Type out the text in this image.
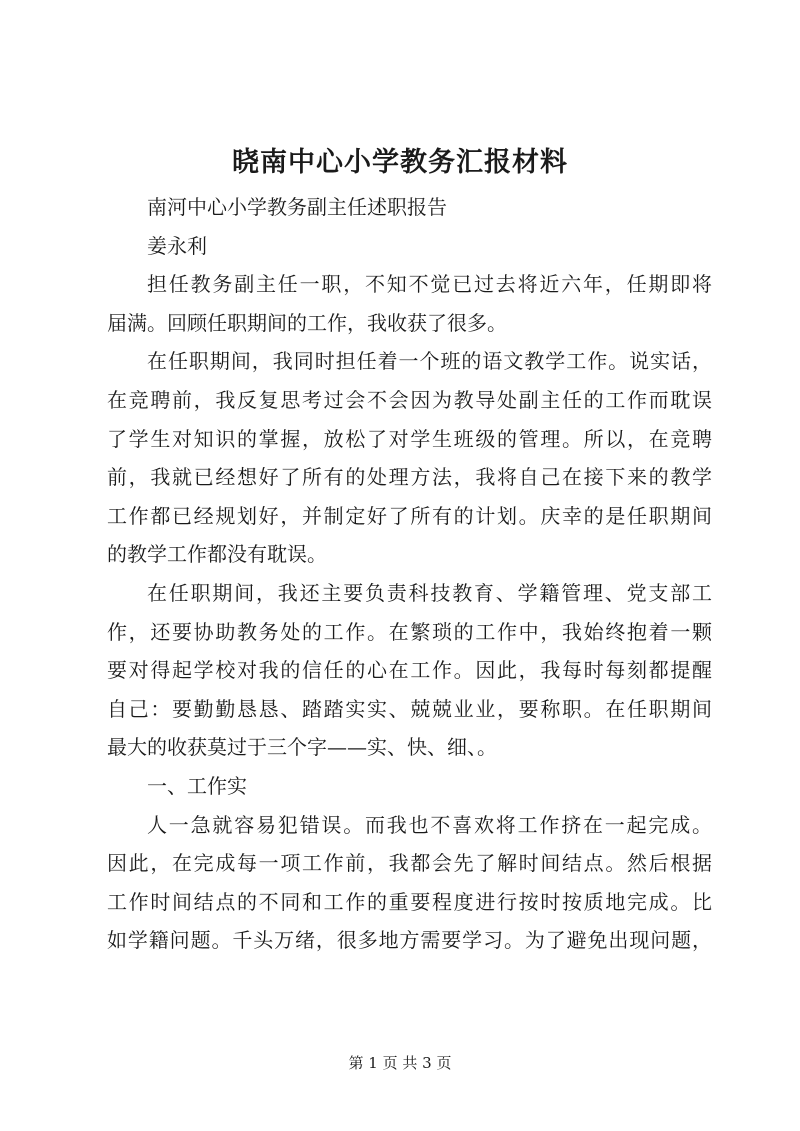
晓南中心小学教务汇报材料
南河中心小学教务副主任述职报告
姜永利
担任教务副主任一职，不知不觉已过去将近六年，任期即将
届满。回顾任职期间的工作，我收获了很多。
在任职期间，我同时担任着一个班的语文教学工作。说实话，
在竞聘前，我反复思考过会不会因为教导处副主任的工作而耽误
了学生对知识的掌握，放松了对学生班级的管理。所以，在竞聘
前，我就已经想好了所有的处理方法，我将自己在接下来的教学
工作都已经规划好，并制定好了所有的计划。庆幸的是任职期间
的教学工作都没有耽误。
在任职期间，我还主要负责科技教育、学籍管理、党支部工
作，还要协助教务处的工作。在繁琐的工作中，我始终抱着一颗
要对得起学校对我的信任的心在工作。因此，我每时每刻都提醒
自己：要勤勤恳恳、踏踏实实、兢兢业业，要称职。在任职期间
最大的收获莫过于三个字——实、快、细、。
一、工作实
人一急就容易犯错误。而我也不喜欢将工作挤在一起完成。
因此，在完成每一项工作前，我都会先了解时间结点。然后根据
工作时间结点的不同和工作的重要程度进行按时按质地完成。比
如学籍问题。千头万绪，很多地方需要学习。为了避免出现问题，
第 1 页 共 3 页
